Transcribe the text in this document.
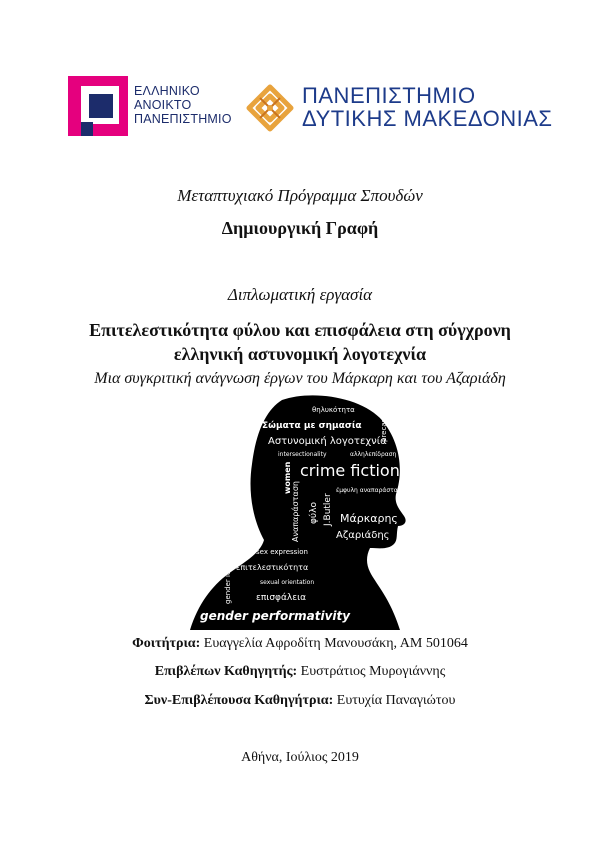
ΕΛΛΗΝΙΚΟ
ΑΝΟΙΚΤΟ
ΠΑΝΕΠΙΣΤΗΜΙΟ
ΠΑΝΕΠΙΣΤΗΜΙΟ
ΔΥΤΙΚΗΣ ΜΑΚΕΔΟΝΙΑΣ
Μεταπτυχιακό Πρόγραμμα Σπουδών
Δημιουργική Γραφή
Διπλωματική εργασία
Επιτελεστικότητα φύλου και επισφάλεια στη σύγχρονη
ελληνική αστυνομική λογοτεχνία
Μια συγκριτική ανάγνωση έργων του Μάρκαρη και του Αζαριάδη
θηλυκότητα
Σώματα με σημασία
Αστυνομική λογοτεχνία
precarity
intersectionality	αλληλεπίδραση
women crime fiction
Αναπαράσταση	J.Butler
φύλο
έμφυλη αναπαράσταση
Μάρκαρης
Αζαριάδης
sex expression
επιτελεστικότητα
sexual orientation
gender identity	επισφάλεια
gender performativity
Φοιτήτρια: Ευαγγελία Αφροδίτη Μανουσάκη, ΑΜ 501064
Επιβλέπων Καθηγητής: Ευστράτιος Μυρογιάννης
Συν-Επιβλέπουσα Καθηγήτρια: Ευτυχία Παναγιώτου
Αθήνα, Ιούλιος 2019
